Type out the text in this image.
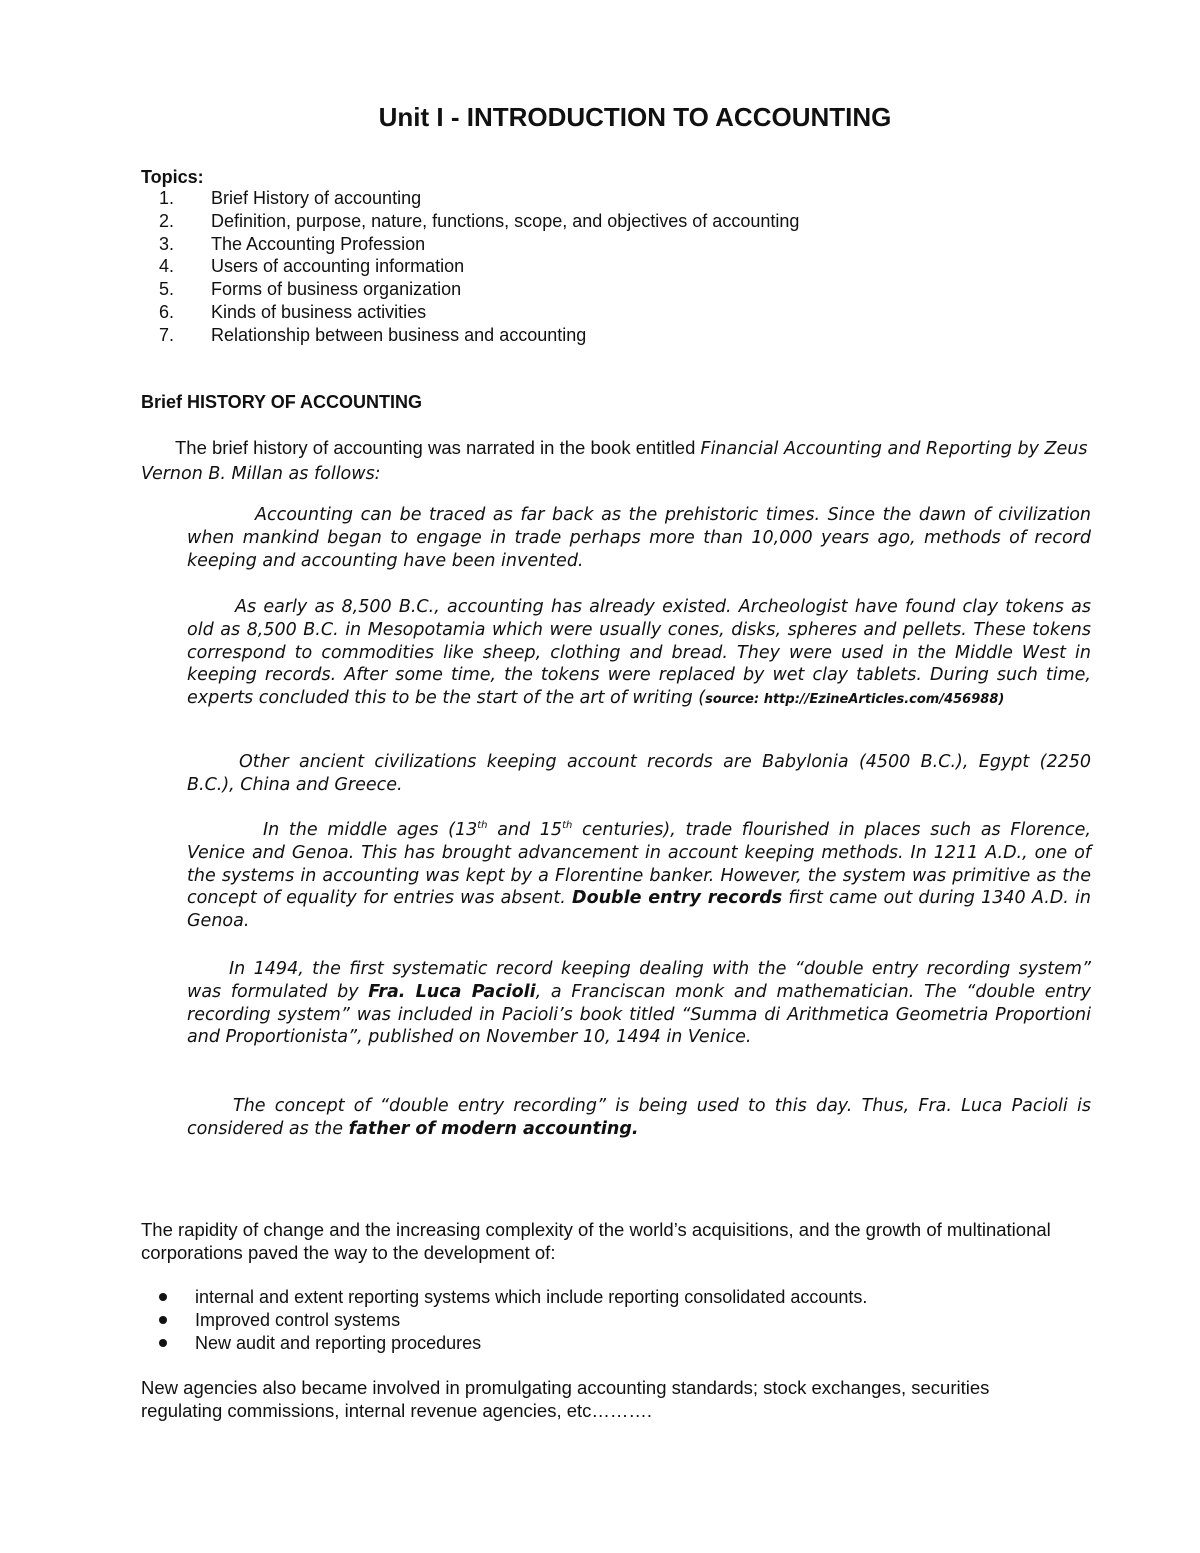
Unit I - INTRODUCTION TO ACCOUNTING
Topics:
1. Brief History of accounting
2. Definition, purpose, nature, functions, scope, and objectives of accounting
3. The Accounting Profession
4. Users of accounting information
5. Forms of business organization
6. Kinds of business activities
7. Relationship between business and accounting
Brief HISTORY OF ACCOUNTING
The brief history of accounting was narrated in the book entitled Financial Accounting and Reporting by Zeus Vernon B. Millan as follows:
Accounting can be traced as far back as the prehistoric times. Since the dawn of civilization when mankind began to engage in trade perhaps more than 10,000 years ago, methods of record keeping and accounting have been invented.
As early as 8,500 B.C., accounting has already existed. Archeologist have found clay tokens as old as 8,500 B.C. in Mesopotamia which were usually cones, disks, spheres and pellets. These tokens correspond to commodities like sheep, clothing and bread. They were used in the Middle West in keeping records. After some time, the tokens were replaced by wet clay tablets. During such time, experts concluded this to be the start of the art of writing (source: http://EzineArticles.com/456988)
Other ancient civilizations keeping account records are Babylonia (4500 B.C.), Egypt (2250 B.C.), China and Greece.
In the middle ages (13th and 15th centuries), trade flourished in places such as Florence, Venice and Genoa. This has brought advancement in account keeping methods. In 1211 A.D., one of the systems in accounting was kept by a Florentine banker. However, the system was primitive as the concept of equality for entries was absent. Double entry records first came out during 1340 A.D. in Genoa.
In 1494, the first systematic record keeping dealing with the “double entry recording system” was formulated by Fra. Luca Pacioli, a Franciscan monk and mathematician. The “double entry recording system” was included in Pacioli’s book titled “Summa di Arithmetica Geometria Proportioni and Proportionista”, published on November 10, 1494 in Venice.
The concept of “double entry recording” is being used to this day. Thus, Fra. Luca Pacioli is considered as the father of modern accounting.
The rapidity of change and the increasing complexity of the world’s acquisitions, and the growth of multinational corporations paved the way to the development of:
internal and extent reporting systems which include reporting consolidated accounts.
Improved control systems
New audit and reporting procedures
New agencies also became involved in promulgating accounting standards; stock exchanges, securities regulating commissions, internal revenue agencies, etc……….
